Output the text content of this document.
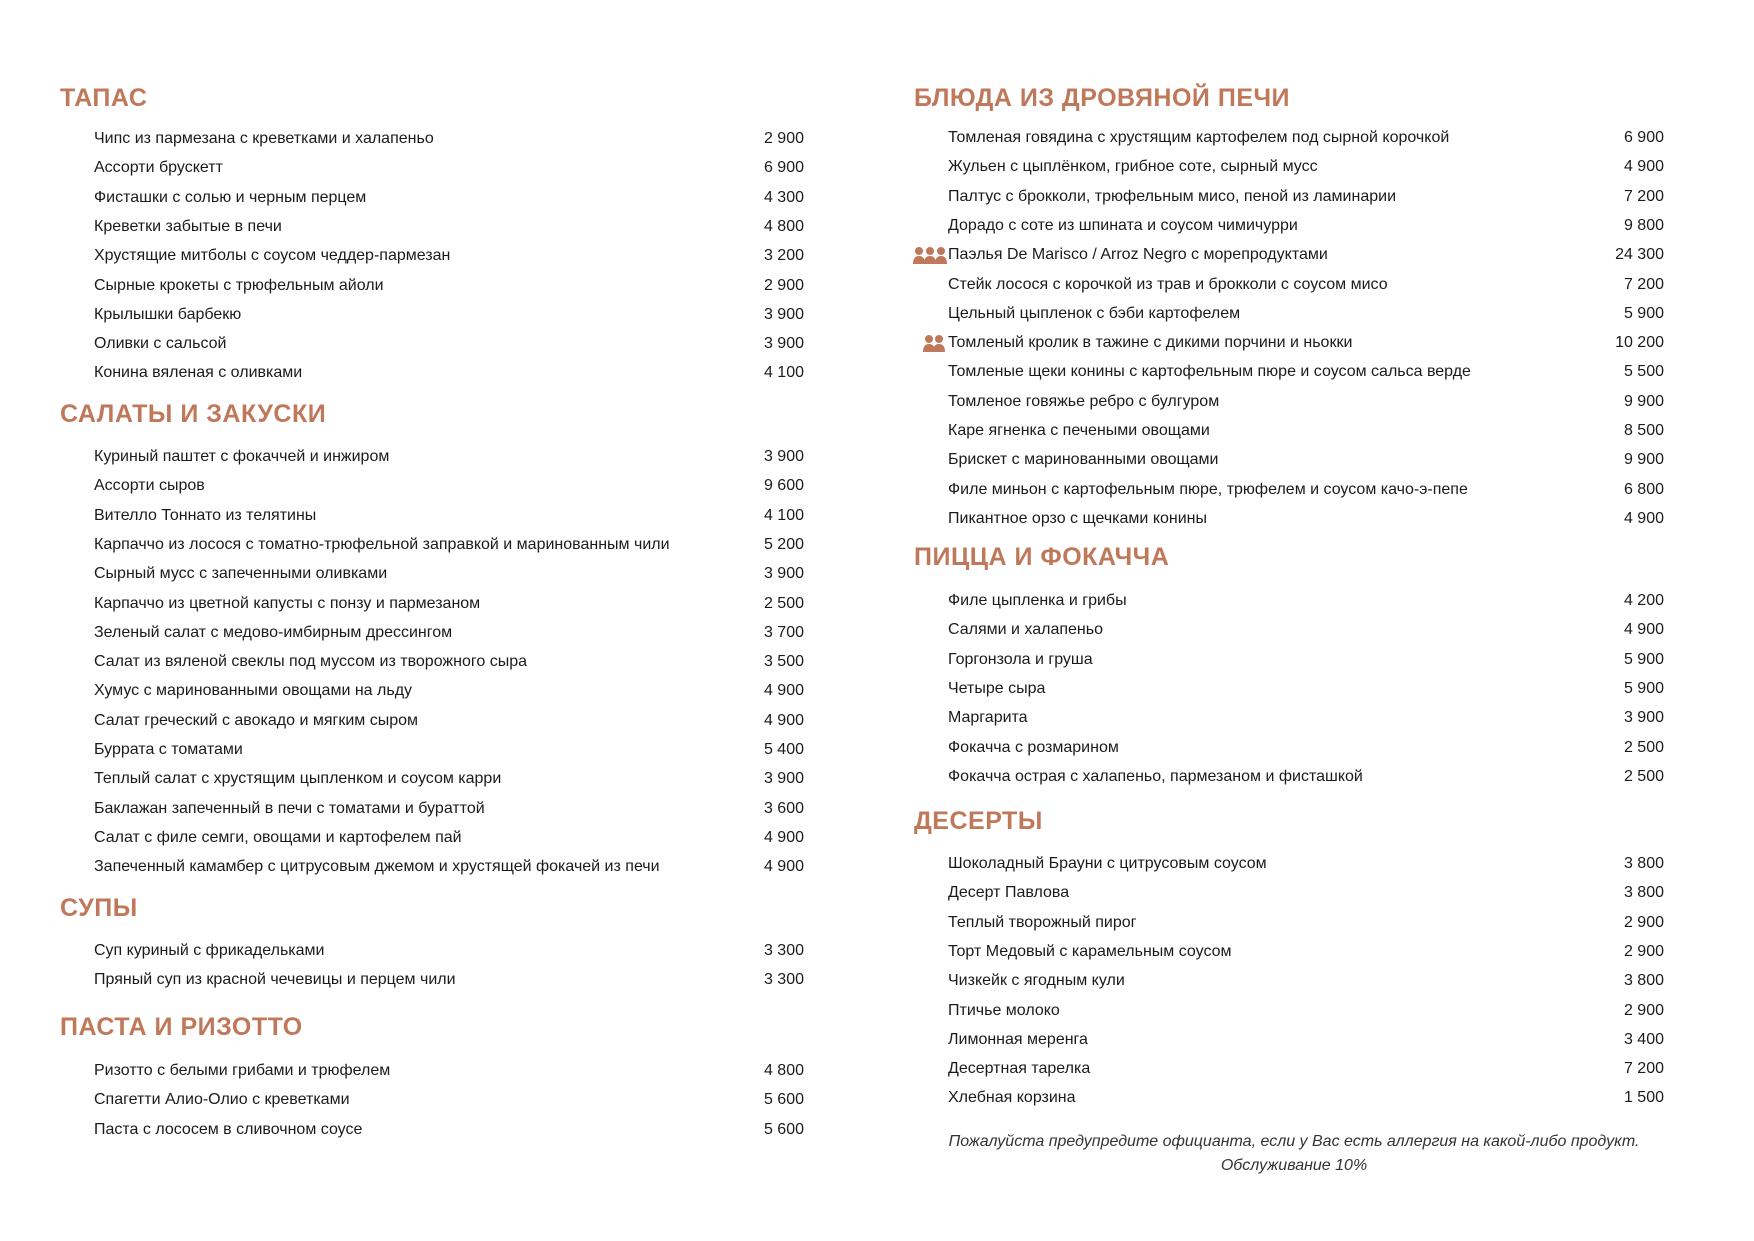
ТАПАС
Чипс из пармезана с креветками и халапеньо	2 900
Ассорти брускетт	6 900
Фисташки с солью и черным перцем	4 300
Креветки забытые в печи	4 800
Хрустящие митболы с соусом чеддер-пармезан	3 200
Сырные крокеты с трюфельным айоли	2 900
Крылышки барбекю	3 900
Оливки с сальсой	3 900
Конина вяленая с оливками	4 100
САЛАТЫ И ЗАКУСКИ
Куриный паштет с фокаччей и инжиром	3 900
Ассорти сыров	9 600
Вителло Тоннато из телятины	4 100
Карпаччо из лосося с томатно-трюфельной заправкой и маринованным чили	5 200
Сырный мусс с запеченными оливками	3 900
Карпаччо из цветной капусты с понзу и пармезаном	2 500
Зеленый салат с медово-имбирным дрессингом	3 700
Салат из вяленой свеклы под муссом из творожного сыра	3 500
Хумус с маринованными овощами на льду	4 900
Салат греческий с авокадо и мягким сыром	4 900
Буррата с томатами	5 400
Теплый салат с хрустящим цыпленком и соусом карри	3 900
Баклажан запеченный в печи с томатами и бураттой	3 600
Салат с филе семги, овощами и картофелем пай	4 900
Запеченный камамбер с цитрусовым джемом и хрустящей фокачей из печи	4 900
СУПЫ
Суп куриный с фрикадельками	3 300
Пряный суп из красной чечевицы и перцем чили	3 300
ПАСТА И РИЗОТТО
Ризотто с белыми грибами и трюфелем	4 800
Спагетти Алио-Олио с креветками	5 600
Паста с лососем в сливочном соусе	5 600
БЛЮДА ИЗ ДРОВЯНОЙ ПЕЧИ
Томленая говядина с хрустящим картофелем под сырной корочкой	6 900
Жульен с цыплёнком, грибное соте, сырный мусс	4 900
Палтус с брокколи, трюфельным мисо, пеной из ламинарии	7 200
Дорадо с соте из шпината и соусом чимичурри	9 800
Паэлья De Marisco / Arroz Negro с морепродуктами	24 300
Стейк лосося с корочкой из трав и брокколи с соусом мисо	7 200
Цельный цыпленок с бэби картофелем	5 900
Томленый кролик в тажине с дикими порчини и ньокки	10 200
Томленые щеки конины с картофельным пюре и соусом сальса верде	5 500
Томленое говяжье ребро с булгуром	9 900
Каре ягненка с печеными овощами	8 500
Брискет с маринованными овощами	9 900
Филе миньон с картофельным пюре, трюфелем и соусом качо-э-пепе	6 800
Пикантное орзо с щечками конины	4 900
ПИЦЦА И ФОКАЧЧА
Филе цыпленка и грибы	4 200
Салями и халапеньо	4 900
Горгонзола и груша	5 900
Четыре сыра	5 900
Маргарита	3 900
Фокачча с розмарином	2 500
Фокачча острая с халапеньо, пармезаном и фисташкой	2 500
ДЕСЕРТЫ
Шоколадный Брауни с цитрусовым соусом	3 800
Десерт Павлова	3 800
Теплый творожный пирог	2 900
Торт Медовый с карамельным соусом	2 900
Чизкейк с ягодным кули	3 800
Птичье молоко	2 900
Лимонная меренга	3 400
Десертная тарелка	7 200
Хлебная корзина	1 500
Пожалуйста предупредите официанта, если у Вас есть аллергия на какой-либо продукт.
Обслуживание 10%
